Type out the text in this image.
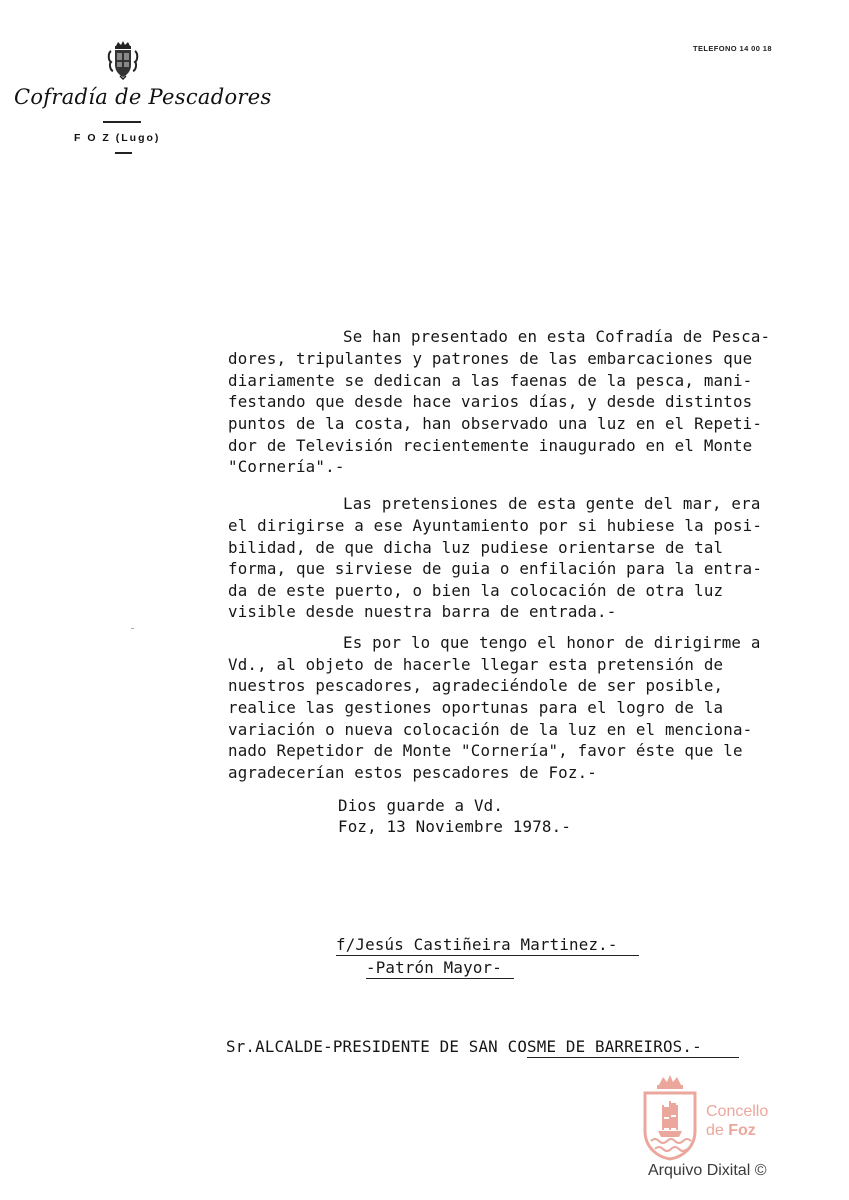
Cofradía de Pescadores
F O Z (Lugo)
TELEFONO 14 00 18
Se han presentado en esta Cofradía de Pesca-
dores, tripulantes y patrones de las embarcaciones que
diariamente se dedican a las faenas de la pesca, mani-
festando que desde hace varios días, y desde distintos
puntos de la costa, han observado una luz en el Repeti-
dor de Televisión recientemente inaugurado en el Monte
"Cornería".-
Las pretensiones de esta gente del mar, era
el dirigirse a ese Ayuntamiento por si hubiese la posi-
bilidad, de que dicha luz pudiese orientarse de tal
forma, que sirviese de guia o enfilación para la entra-
da de este puerto, o bien la colocación de otra luz
visible desde nuestra barra de entrada.-
Es por lo que tengo el honor de dirigirme a
Vd., al objeto de hacerle llegar esta pretensión de
nuestros pescadores, agradeciéndole de ser posible,
realice las gestiones oportunas para el logro de la
variación o nueva colocación de la luz en el menciona-
nado Repetidor de Monte "Cornería", favor éste que le
agradecerían estos pescadores de Foz.-
Dios guarde a Vd.
Foz, 13 Noviembre 1978.-
f/Jesús Castiñeira Martinez.-
-Patrón Mayor-
Sr.ALCALDE-PRESIDENTE DE SAN COSME DE BARREIROS.-
Concello
de Foz
Arquivo Dixital ©
